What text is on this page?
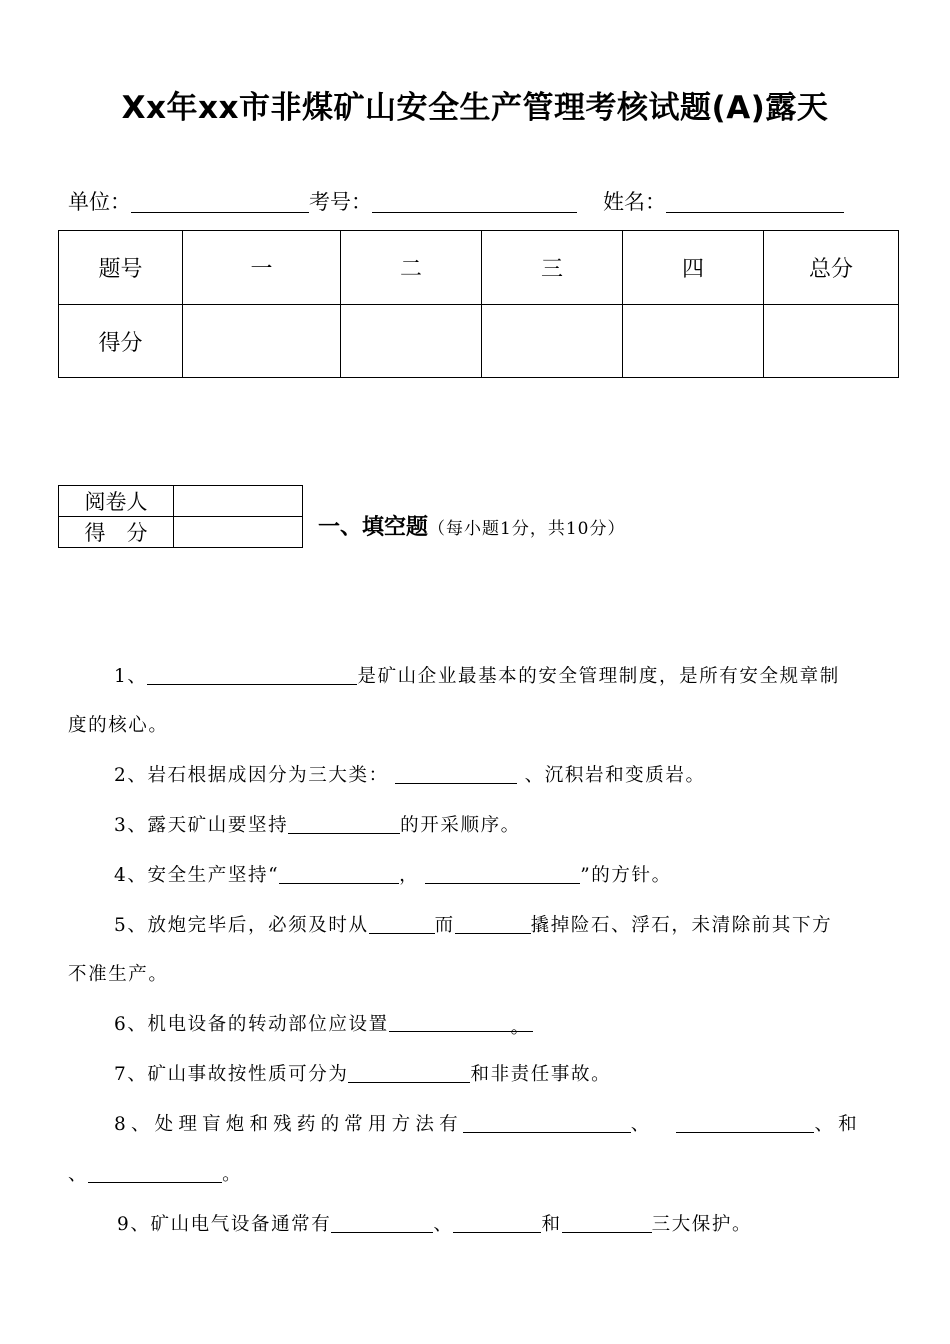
Xx年xx市非煤矿山安全生产管理考核试题(A)露天
单位：	考号：	姓名：
题号	一	二	三	四	总分
得分					
阅卷人	
得　分		一、填空题（每小题1分，共10分）
1、	是矿山企业最基本的安全管理制度，是所有安全规章制
度的核心。
2、岩石根据成因分为三大类：	、沉积岩和变质岩。
3、露天矿山要坚持	的开采顺序。
4、安全生产坚持“	，	”的方针。
5、放炮完毕后，必须及时从	而	撬掉险石、浮石，未清除前其下方
不准生产。
6、机电设备的转动部位应设置	。
7、矿山事故按性质可分为	和非责任事故。
8、处理盲炮和残药的常用方法有	、	、和
、	。
9、矿山电气设备通常有	、	和	三大保护。
